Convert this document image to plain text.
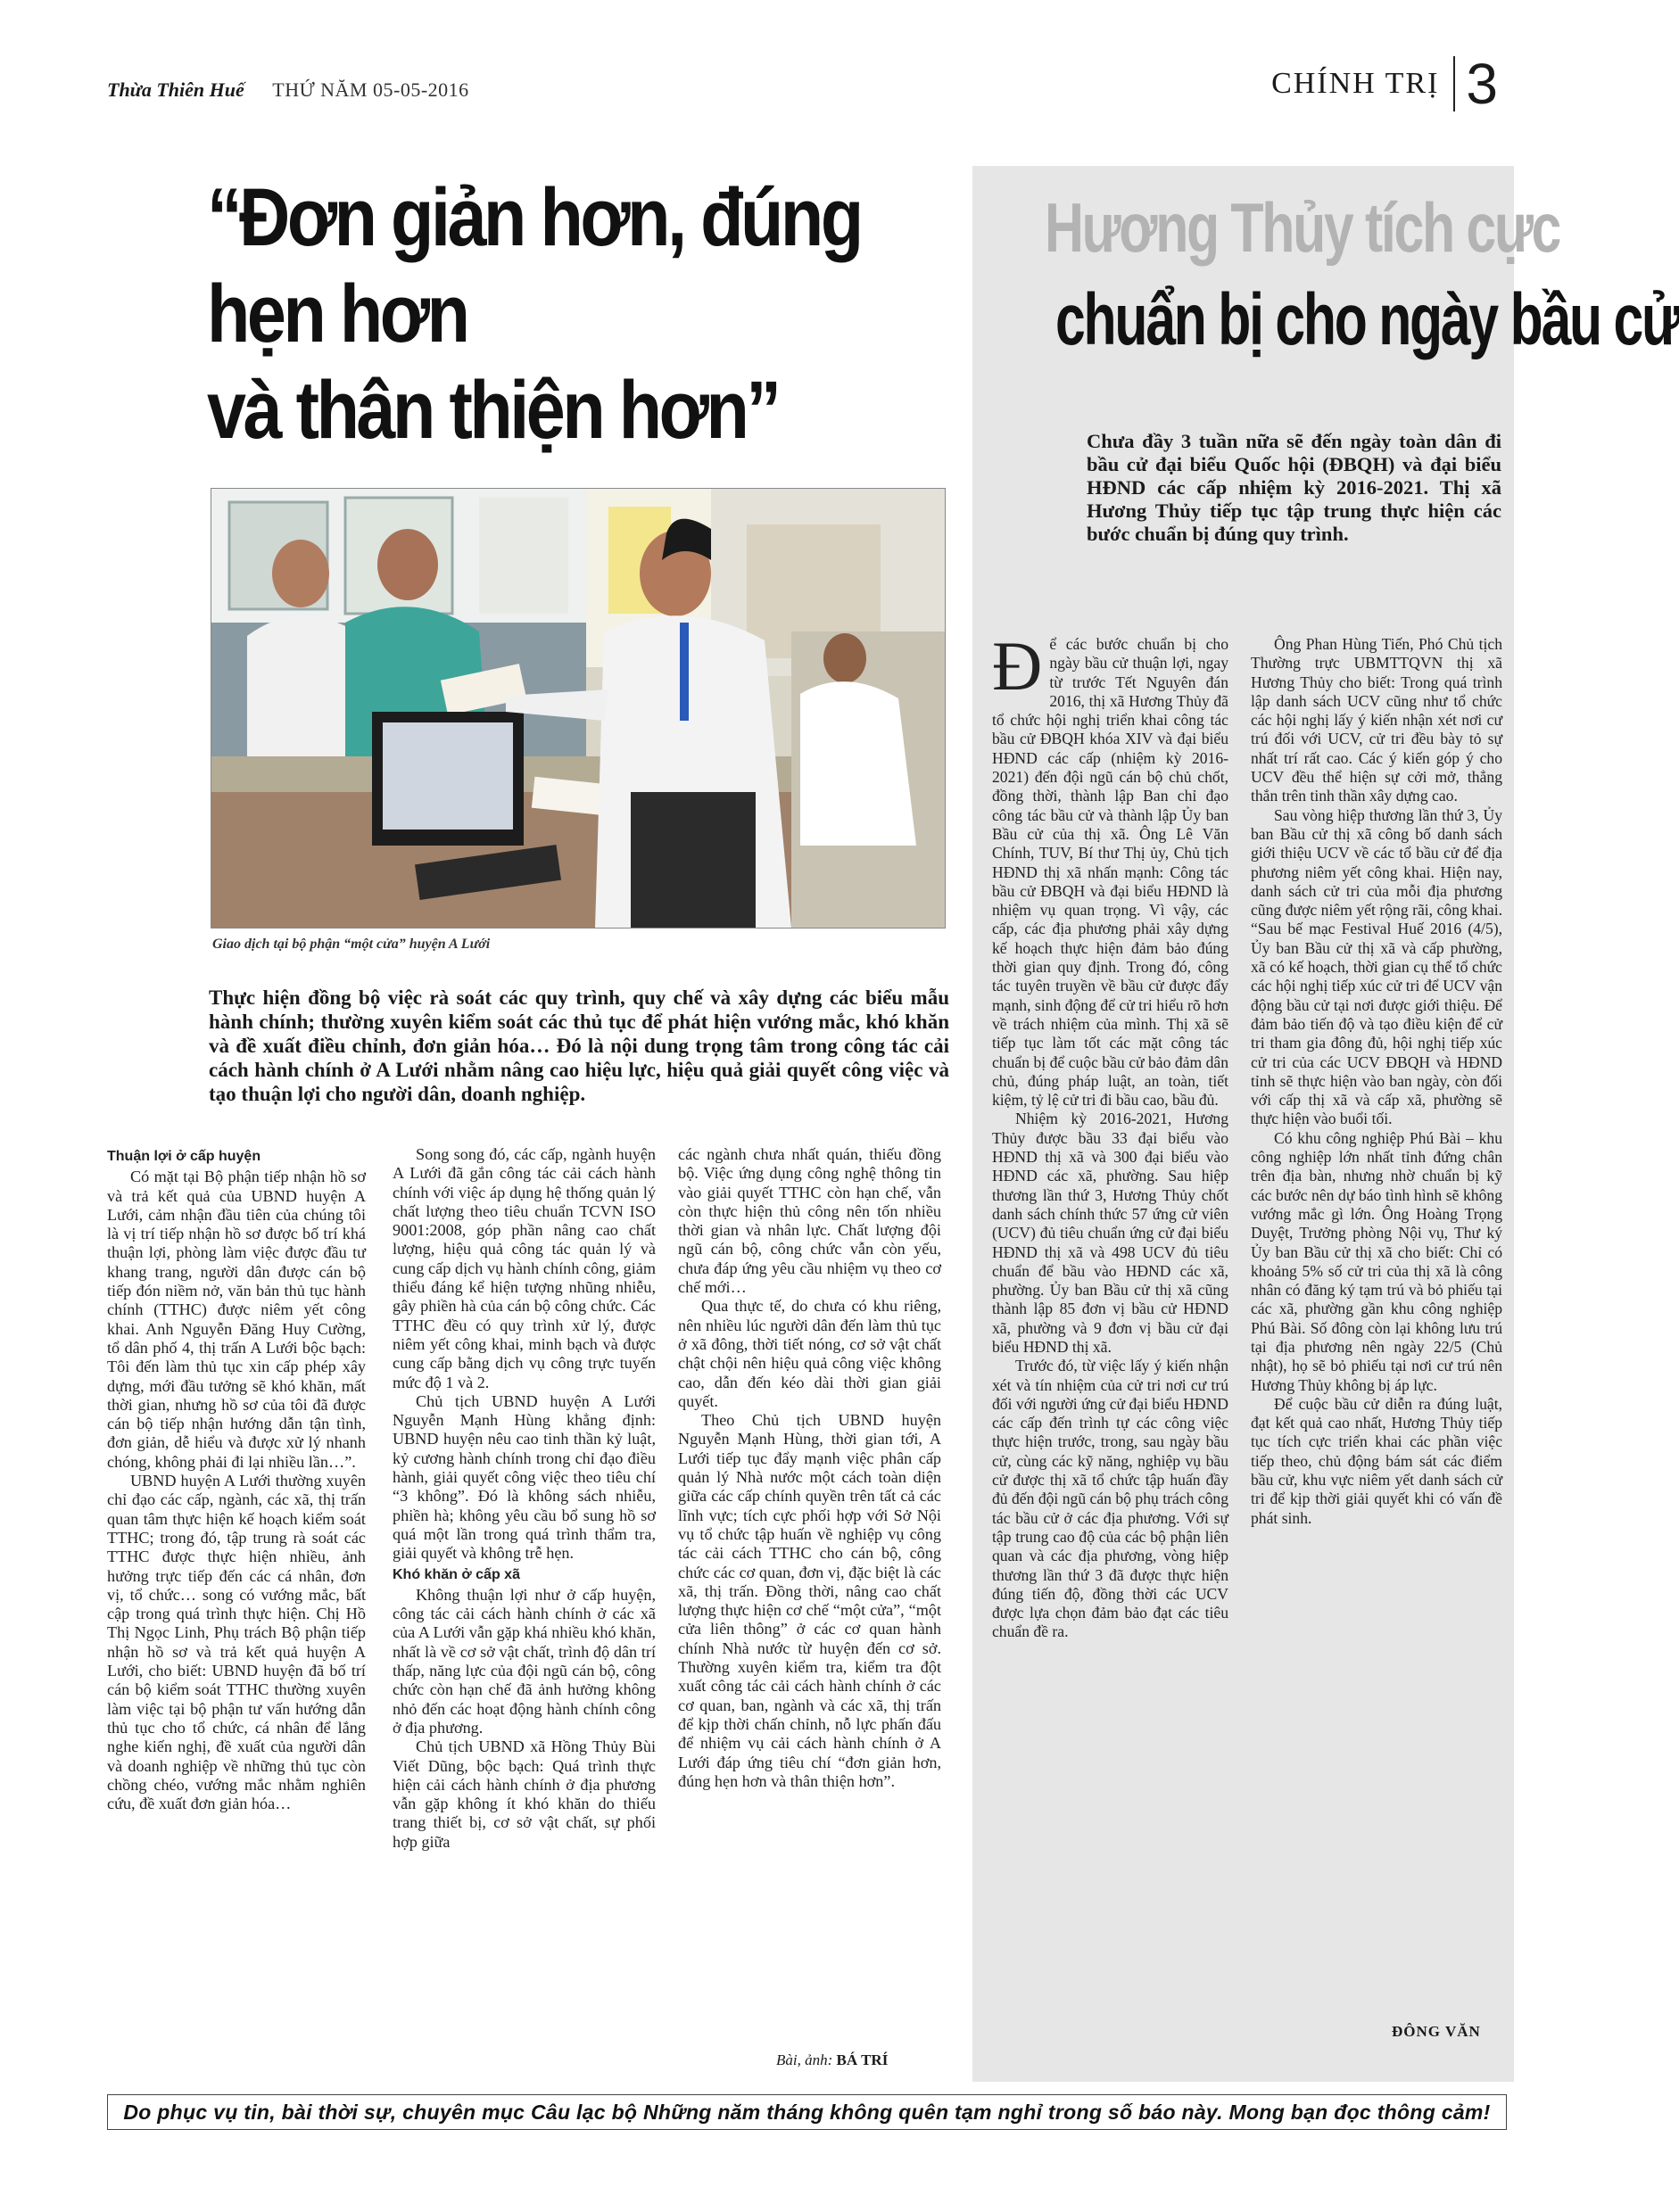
Thừa Thiên Huế THỨ NĂM 05-05-2016	CHÍNH TRỊ 3
“Đơn giản hơn, đúng hẹn hơn
và thân thiện hơn”
Giao dịch tại bộ phận “một cửa” huyện A Lưới
Thực hiện đồng bộ việc rà soát các quy trình, quy chế và xây dựng các biểu mẫu hành chính; thường xuyên kiểm soát các thủ tục để phát hiện vướng mắc, khó khăn và đề xuất điều chỉnh, đơn giản hóa… Đó là nội dung trọng tâm trong công tác cải cách hành chính ở A Lưới nhằm nâng cao hiệu lực, hiệu quả giải quyết công việc và tạo thuận lợi cho người dân, doanh nghiệp.

Thuận lợi ở cấp huyện

Có mặt tại Bộ phận tiếp nhận hồ sơ và trả kết quả của UBND huyện A Lưới, cảm nhận đầu tiên của chúng tôi là vị trí tiếp nhận hồ sơ được bố trí khá thuận lợi, phòng làm việc được đầu tư khang trang, người dân được cán bộ tiếp đón niềm nở, văn bản thủ tục hành chính (TTHC) được niêm yết công khai. Anh Nguyễn Đăng Huy Cường, tổ dân phố 4, thị trấn A Lưới bộc bạch: Tôi đến làm thủ tục xin cấp phép xây dựng, mới đầu tưởng sẽ khó khăn, mất thời gian, nhưng hồ sơ của tôi đã được cán bộ tiếp nhận hướng dẫn tận tình, đơn giản, dễ hiểu và được xử lý nhanh chóng, không phải đi lại nhiều lần…”.

UBND huyện A Lưới thường xuyên chỉ đạo các cấp, ngành, các xã, thị trấn quan tâm thực hiện kế hoạch kiểm soát TTHC; trong đó, tập trung rà soát các TTHC được thực hiện nhiều, ảnh hưởng trực tiếp đến các cá nhân, đơn vị, tổ chức… song có vướng mắc, bất cập trong quá trình thực hiện. Chị Hồ Thị Ngọc Linh, Phụ trách Bộ phận tiếp nhận hồ sơ và trả kết quả huyện A Lưới, cho biết: UBND huyện đã bố trí cán bộ kiểm soát TTHC thường xuyên làm việc tại bộ phận tư vấn hướng dẫn thủ tục cho tổ chức, cá nhân để lắng nghe kiến nghị, đề xuất của người dân và doanh nghiệp về những thủ tục còn chồng chéo, vướng mắc nhằm nghiên cứu, đề xuất đơn giản hóa…

Song song đó, các cấp, ngành huyện A Lưới đã gắn công tác cải cách hành chính với việc áp dụng hệ thống quản lý chất lượng theo tiêu chuẩn TCVN ISO 9001:2008, góp phần nâng cao chất lượng, hiệu quả công tác quản lý và cung cấp dịch vụ hành chính công, giảm thiểu đáng kể hiện tượng nhũng nhiễu, gây phiền hà của cán bộ công chức. Các TTHC đều có quy trình xử lý, được niêm yết công khai, minh bạch và được cung cấp bằng dịch vụ công trực tuyến mức độ 1 và 2.

Chủ tịch UBND huyện A Lưới Nguyễn Mạnh Hùng khẳng định: UBND huyện nêu cao tinh thần kỷ luật, kỷ cương hành chính trong chỉ đạo điều hành, giải quyết công việc theo tiêu chí “3 không”. Đó là không sách nhiễu, phiền hà; không yêu cầu bổ sung hồ sơ quá một lần trong quá trình thẩm tra, giải quyết và không trễ hẹn.

Khó khăn ở cấp xã

Không thuận lợi như ở cấp huyện, công tác cải cách hành chính ở các xã của A Lưới vẫn gặp khá nhiều khó khăn, nhất là về cơ sở vật chất, trình độ dân trí thấp, năng lực của đội ngũ cán bộ, công chức còn hạn chế đã ảnh hưởng không nhỏ đến các hoạt động hành chính công ở địa phương.

Chủ tịch UBND xã Hồng Thủy Bùi Viết Dũng, bộc bạch: Quá trình thực hiện cải cách hành chính ở địa phương vẫn gặp không ít khó khăn do thiếu trang thiết bị, cơ sở vật chất, sự phối hợp giữa

các ngành chưa nhất quán, thiếu đồng bộ. Việc ứng dụng công nghệ thông tin vào giải quyết TTHC còn hạn chế, vẫn còn thực hiện thủ công nên tốn nhiều thời gian và nhân lực. Chất lượng đội ngũ cán bộ, công chức vẫn còn yếu, chưa đáp ứng yêu cầu nhiệm vụ theo cơ chế mới…

Qua thực tế, do chưa có khu riêng, nên nhiều lúc người dân đến làm thủ tục ở xã đông, thời tiết nóng, cơ sở vật chất chật chội nên hiệu quả công việc không cao, dẫn đến kéo dài thời gian giải quyết.

Theo Chủ tịch UBND huyện Nguyễn Mạnh Hùng, thời gian tới, A Lưới tiếp tục đẩy mạnh việc phân cấp quản lý Nhà nước một cách toàn diện giữa các cấp chính quyền trên tất cả các lĩnh vực; tích cực phối hợp với Sở Nội vụ tổ chức tập huấn về nghiệp vụ công tác cải cách TTHC cho cán bộ, công chức các cơ quan, đơn vị, đặc biệt là các xã, thị trấn. Đồng thời, nâng cao chất lượng thực hiện cơ chế “một cửa”, “một cửa liên thông” ở các cơ quan hành chính Nhà nước từ huyện đến cơ sở. Thường xuyên kiểm tra, kiểm tra đột xuất công tác cải cách hành chính ở các cơ quan, ban, ngành và các xã, thị trấn để kịp thời chấn chỉnh, nỗ lực phấn đấu để nhiệm vụ cải cách hành chính ở A Lưới đáp ứng tiêu chí “đơn giản hơn, đúng hẹn hơn và thân thiện hơn”.

Bài, ảnh: BÁ TRÍ
Hương Thủy tích cực
chuẩn bị cho ngày bầu cử
Chưa đầy 3 tuần nữa sẽ đến ngày toàn dân đi bầu cử đại biểu Quốc hội (ĐBQH) và đại biểu HĐND các cấp nhiệm kỳ 2016-2021. Thị xã Hương Thủy tiếp tục tập trung thực hiện các bước chuẩn bị đúng quy trình.

Để các bước chuẩn bị cho ngày bầu cử thuận lợi, ngay từ trước Tết Nguyên đán 2016, thị xã Hương Thủy đã tổ chức hội nghị triển khai công tác bầu cử ĐBQH khóa XIV và đại biểu HĐND các cấp (nhiệm kỳ 2016-2021) đến đội ngũ cán bộ chủ chốt, đồng thời, thành lập Ban chỉ đạo công tác bầu cử và thành lập Ủy ban Bầu cử của thị xã. Ông Lê Văn Chính, TUV, Bí thư Thị ủy, Chủ tịch HĐND thị xã nhấn mạnh: Công tác bầu cử ĐBQH và đại biểu HĐND là nhiệm vụ quan trọng. Vì vậy, các cấp, các địa phương phải xây dựng kế hoạch thực hiện đảm bảo đúng thời gian quy định. Trong đó, công tác tuyên truyền về bầu cử được đẩy mạnh, sinh động để cử tri hiểu rõ hơn về trách nhiệm của mình. Thị xã sẽ tiếp tục làm tốt các mặt công tác chuẩn bị để cuộc bầu cử bảo đảm dân chủ, đúng pháp luật, an toàn, tiết kiệm, tỷ lệ cử tri đi bầu cao, bầu đủ.

Nhiệm kỳ 2016-2021, Hương Thủy được bầu 33 đại biểu vào HĐND thị xã và 300 đại biểu vào HĐND các xã, phường. Sau hiệp thương lần thứ 3, Hương Thủy chốt danh sách chính thức 57 ứng cử viên (UCV) đủ tiêu chuẩn ứng cử đại biểu HĐND thị xã và 498 UCV đủ tiêu chuẩn để bầu vào HĐND các xã, phường. Ủy ban Bầu cử thị xã cũng thành lập 85 đơn vị bầu cử HĐND xã, phường và 9 đơn vị bầu cử đại biểu HĐND thị xã.

Trước đó, từ việc lấy ý kiến nhận xét và tín nhiệm của cử tri nơi cư trú đối với người ứng cử đại biểu HĐND các cấp đến trình tự các công việc thực hiện trước, trong, sau ngày bầu cử, cùng các kỹ năng, nghiệp vụ bầu cử được thị xã tổ chức tập huấn đầy đủ đến đội ngũ cán bộ phụ trách công tác bầu cử ở các địa phương. Với sự tập trung cao độ của các bộ phận liên quan và các địa phương, vòng hiệp thương lần thứ 3 đã được thực hiện đúng tiến độ, đồng thời các UCV được lựa chọn đảm bảo đạt các tiêu chuẩn đề ra.

Ông Phan Hùng Tiến, Phó Chủ tịch Thường trực UBMTTQVN thị xã Hương Thủy cho biết: Trong quá trình lập danh sách UCV cũng như tổ chức các hội nghị lấy ý kiến nhận xét nơi cư trú đối với UCV, cử tri đều bày tỏ sự nhất trí rất cao. Các ý kiến góp ý cho UCV đều thể hiện sự cởi mở, thẳng thắn trên tinh thần xây dựng cao.

Sau vòng hiệp thương lần thứ 3, Ủy ban Bầu cử thị xã công bố danh sách giới thiệu UCV về các tổ bầu cử để địa phương niêm yết công khai. Hiện nay, danh sách cử tri của mỗi địa phương cũng được niêm yết rộng rãi, công khai. “Sau bế mạc Festival Huế 2016 (4/5), Ủy ban Bầu cử thị xã và cấp phường, xã có kế hoạch, thời gian cụ thể tổ chức các hội nghị tiếp xúc cử tri để UCV vận động bầu cử tại nơi được giới thiệu. Để đảm bảo tiến độ và tạo điều kiện để cử tri tham gia đông đủ, hội nghị tiếp xúc cử tri của các UCV ĐBQH và HĐND tỉnh sẽ thực hiện vào ban ngày, còn đối với cấp thị xã và cấp xã, phường sẽ thực hiện vào buổi tối.

Có khu công nghiệp Phú Bài – khu công nghiệp lớn nhất tỉnh đứng chân trên địa bàn, nhưng nhờ chuẩn bị kỹ các bước nên dự báo tình hình sẽ không vướng mắc gì lớn. Ông Hoàng Trọng Duyệt, Trưởng phòng Nội vụ, Thư ký Ủy ban Bầu cử thị xã cho biết: Chỉ có khoảng 5% số cử tri của thị xã là công nhân có đăng ký tạm trú và bỏ phiếu tại các xã, phường gần khu công nghiệp Phú Bài. Số đông còn lại không lưu trú tại địa phương nên ngày 22/5 (Chủ nhật), họ sẽ bỏ phiếu tại nơi cư trú nên Hương Thủy không bị áp lực.

Để cuộc bầu cử diễn ra đúng luật, đạt kết quả cao nhất, Hương Thủy tiếp tục tích cực triển khai các phần việc tiếp theo, chủ động bám sát các điểm bầu cử, khu vực niêm yết danh sách cử tri để kịp thời giải quyết khi có vấn đề phát sinh.

ĐÔNG VĂN
Do phục vụ tin, bài thời sự, chuyên mục Câu lạc bộ Những năm tháng không quên tạm nghỉ trong số báo này. Mong bạn đọc thông cảm!
